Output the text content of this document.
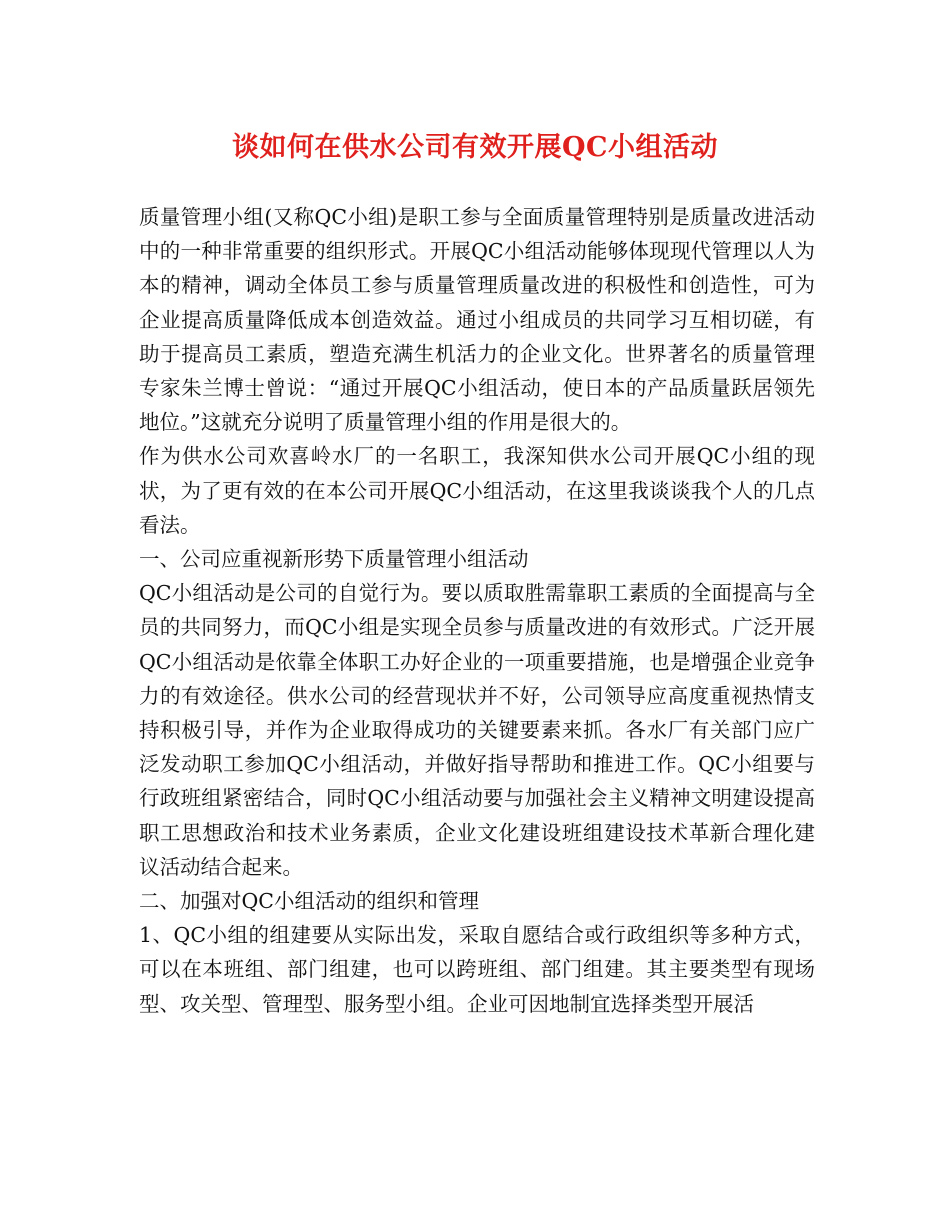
谈如何在供水公司有效开展QC小组活动

质量管理小组(又称QC小组)是职工参与全面质量管理特别是质量改进活动中的一种非常重要的组织形式。开展QC小组活动能够体现现代管理以人为本的精神，调动全体员工参与质量管理质量改进的积极性和创造性，可为企业提高质量降低成本创造效益。通过小组成员的共同学习互相切磋，有助于提高员工素质，塑造充满生机活力的企业文化。世界著名的质量管理专家朱兰博士曾说：“通过开展QC小组活动，使日本的产品质量跃居领先地位。”这就充分说明了质量管理小组的作用是很大的。

作为供水公司欢喜岭水厂的一名职工，我深知供水公司开展QC小组的现状，为了更有效的在本公司开展QC小组活动，在这里我谈谈我个人的几点看法。

一、公司应重视新形势下质量管理小组活动

QC小组活动是公司的自觉行为。要以质取胜需靠职工素质的全面提高与全员的共同努力，而QC小组是实现全员参与质量改进的有效形式。广泛开展QC小组活动是依靠全体职工办好企业的一项重要措施，也是增强企业竞争力的有效途径。供水公司的经营现状并不好，公司领导应高度重视热情支持积极引导，并作为企业取得成功的关键要素来抓。各水厂有关部门应广泛发动职工参加QC小组活动，并做好指导帮助和推进工作。QC小组要与行政班组紧密结合，同时QC小组活动要与加强社会主义精神文明建设提高职工思想政治和技术业务素质，企业文化建设班组建设技术革新合理化建议活动结合起来。

二、加强对QC小组活动的组织和管理

1、QC小组的组建要从实际出发，采取自愿结合或行政组织等多种方式，可以在本班组、部门组建，也可以跨班组、部门组建。其主要类型有现场型、攻关型、管理型、服务型小组。企业可因地制宜选择类型开展活
